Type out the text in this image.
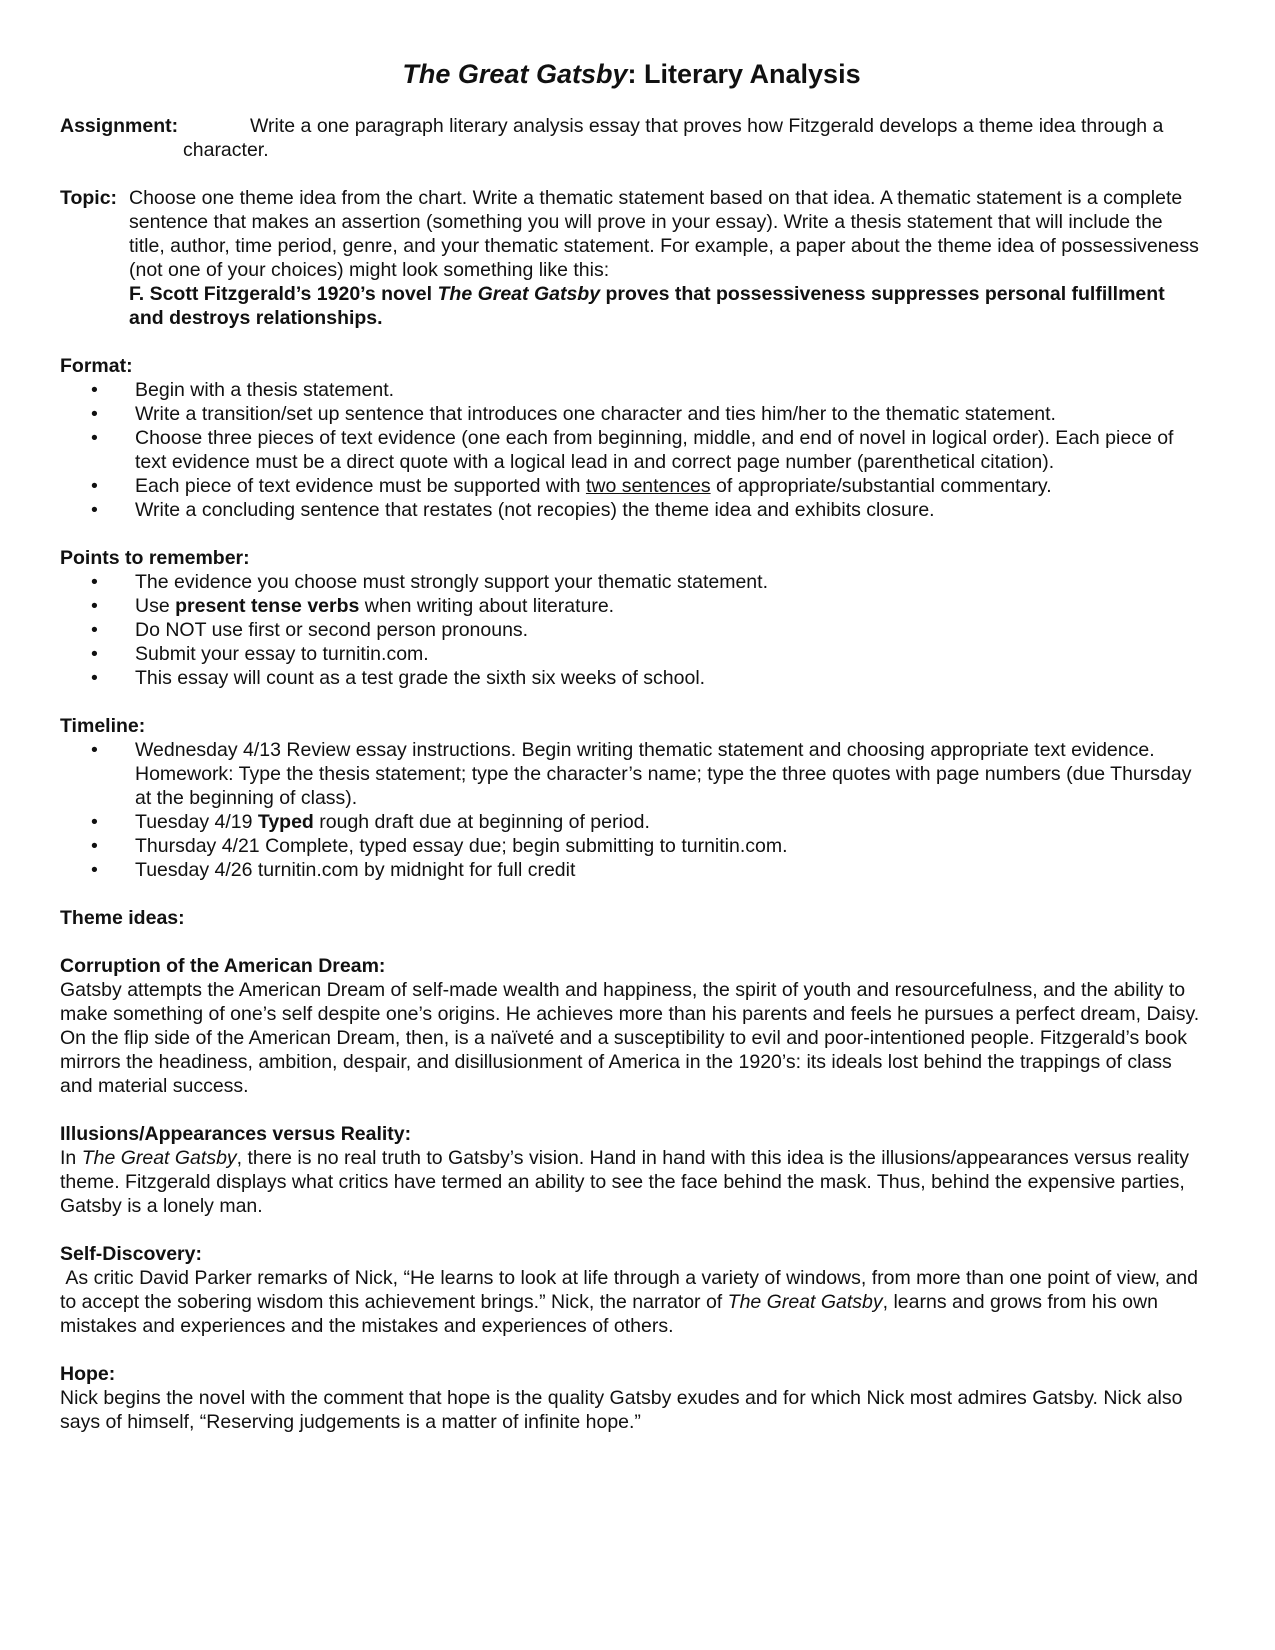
The Great Gatsby: Literary Analysis
Assignment:	Write a one paragraph literary analysis essay that proves how Fitzgerald develops a theme idea through a
character.
Topic: Choose one theme idea from the chart. Write a thematic statement based on that idea. A thematic statement is a complete sentence that makes an assertion (something you will prove in your essay). Write a thesis statement that will include the title, author, time period, genre, and your thematic statement. For example, a paper about the theme idea of possessiveness (not one of your choices) might look something like this:

F. Scott Fitzgerald’s 1920’s novel The Great Gatsby proves that possessiveness suppresses personal fulfillment and destroys relationships.

Format:
•	Begin with a thesis statement.
•	Write a transition/set up sentence that introduces one character and ties him/her to the thematic statement.
•	Choose three pieces of text evidence (one each from beginning, middle, and end of novel in logical order). Each piece of text evidence must be a direct quote with a logical lead in and correct page number (parenthetical citation).
•	Each piece of text evidence must be supported with two sentences of appropriate/substantial commentary.
•	Write a concluding sentence that restates (not recopies) the theme idea and exhibits closure.
Points to remember:
•	The evidence you choose must strongly support your thematic statement.
•	Use present tense verbs when writing about literature.
•	Do NOT use first or second person pronouns.
•	Submit your essay to turnitin.com.
•	This essay will count as a test grade the sixth six weeks of school.
Timeline:
•	Wednesday 4/13 Review essay instructions. Begin writing thematic statement and choosing appropriate text evidence. Homework: Type the thesis statement; type the character’s name; type the three quotes with page numbers (due Thursday at the beginning of class).
•	Tuesday 4/19 Typed rough draft due at beginning of period.
•	Thursday 4/21 Complete, typed essay due; begin submitting to turnitin.com.
•	Tuesday 4/26 turnitin.com by midnight for full credit
Theme ideas:
Corruption of the American Dream:

Gatsby attempts the American Dream of self-made wealth and happiness, the spirit of youth and resourcefulness, and the ability to make something of one’s self despite one’s origins. He achieves more than his parents and feels he pursues a perfect dream, Daisy. On the flip side of the American Dream, then, is a naïveté and a susceptibility to evil and poor-intentioned people. Fitzgerald’s book mirrors the headiness, ambition, despair, and disillusionment of America in the 1920’s: its ideals lost behind the trappings of class and material success.

Illusions/Appearances versus Reality:

In The Great Gatsby, there is no real truth to Gatsby’s vision. Hand in hand with this idea is the illusions/appearances versus reality theme. Fitzgerald displays what critics have termed an ability to see the face behind the mask. Thus, behind the expensive parties, Gatsby is a lonely man.

Self-Discovery:

As critic David Parker remarks of Nick, “He learns to look at life through a variety of windows, from more than one point of view, and to accept the sobering wisdom this achievement brings.” Nick, the narrator of The Great Gatsby, learns and grows from his own mistakes and experiences and the mistakes and experiences of others.

Hope:

Nick begins the novel with the comment that hope is the quality Gatsby exudes and for which Nick most admires Gatsby. Nick also says of himself, “Reserving judgements is a matter of infinite hope.”
